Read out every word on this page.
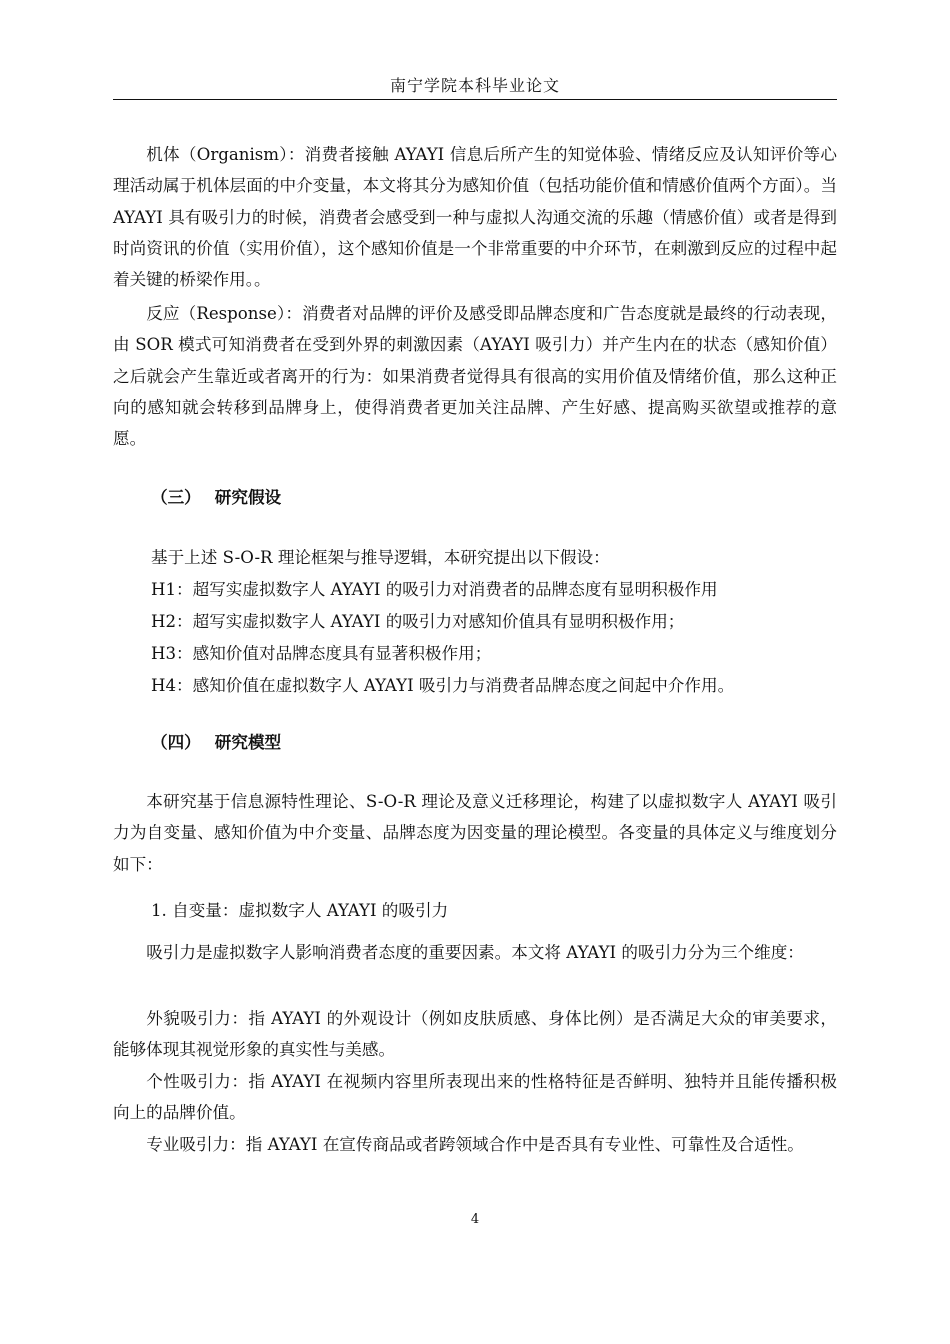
南宁学院本科毕业论文

机体（Organism）：消费者接触 AYAYI 信息后所产生的知觉体验、情绪反应及认知评价等心理活动属于机体层面的中介变量，本文将其分为感知价值（包括功能价值和情感价值两个方面）。当 AYAYI 具有吸引力的时候，消费者会感受到一种与虚拟人沟通交流的乐趣（情感价值）或者是得到时尚资讯的价值（实用价值），这个感知价值是一个非常重要的中介环节，在刺激到反应的过程中起着关键的桥梁作用。。

反应（Response）：消费者对品牌的评价及感受即品牌态度和广告态度就是最终的行动表现，由 SOR 模式可知消费者在受到外界的刺激因素（AYAYI 吸引力）并产生内在的状态（感知价值）之后就会产生靠近或者离开的行为：如果消费者觉得具有很高的实用价值及情绪价值，那么这种正向的感知就会转移到品牌身上，使得消费者更加关注品牌、产生好感、提高购买欲望或推荐的意愿。

（三） 研究假设

基于上述 S-O-R 理论框架与推导逻辑，本研究提出以下假设：

H1：超写实虚拟数字人 AYAYI 的吸引力对消费者的品牌态度有显明积极作用

H2：超写实虚拟数字人 AYAYI 的吸引力对感知价值具有显明积极作用；

H3：感知价值对品牌态度具有显著积极作用；

H4：感知价值在虚拟数字人 AYAYI 吸引力与消费者品牌态度之间起中介作用。

（四） 研究模型

本研究基于信息源特性理论、S-O-R 理论及意义迁移理论，构建了以虚拟数字人 AYAYI 吸引力为自变量、感知价值为中介变量、品牌态度为因变量的理论模型。各变量的具体定义与维度划分如下：

1. 自变量：虚拟数字人 AYAYI 的吸引力

吸引力是虚拟数字人影响消费者态度的重要因素。本文将 AYAYI 的吸引力分为三个维度：

外貌吸引力：指 AYAYI 的外观设计（例如皮肤质感、身体比例）是否满足大众的审美要求，能够体现其视觉形象的真实性与美感。

个性吸引力：指 AYAYI 在视频内容里所表现出来的性格特征是否鲜明、独特并且能传播积极向上的品牌价值。

专业吸引力：指 AYAYI 在宣传商品或者跨领域合作中是否具有专业性、可靠性及合适性。

4
